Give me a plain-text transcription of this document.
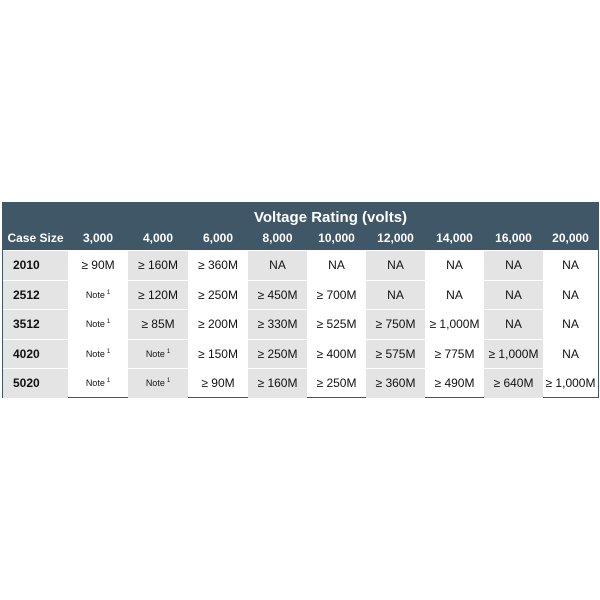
Voltage Rating (volts)
Case Size	3,000	4,000	6,000	8,000	10,000	12,000	14,000	16,000	20,000
2010	≥ 90M	≥ 160M	≥ 360M	NA	NA	NA	NA	NA	NA
2512	Note $^1$	≥ 120M	≥ 250M	≥ 450M	≥ 700M	NA	NA	NA	NA
3512	Note $^1$	≥ 85M	≥ 200M	≥ 330M	≥ 525M	≥ 750M	≥ 1,000M	NA	NA
4020	Note $^1$	Note $^1$	≥ 150M	≥ 250M	≥ 400M	≥ 575M	≥ 775M	≥ 1,000M	NA
5020	Note $^1$	Note $^1$	≥ 90M	≥ 160M	≥ 250M	≥ 360M	≥ 490M	≥ 640M	≥ 1,000M
